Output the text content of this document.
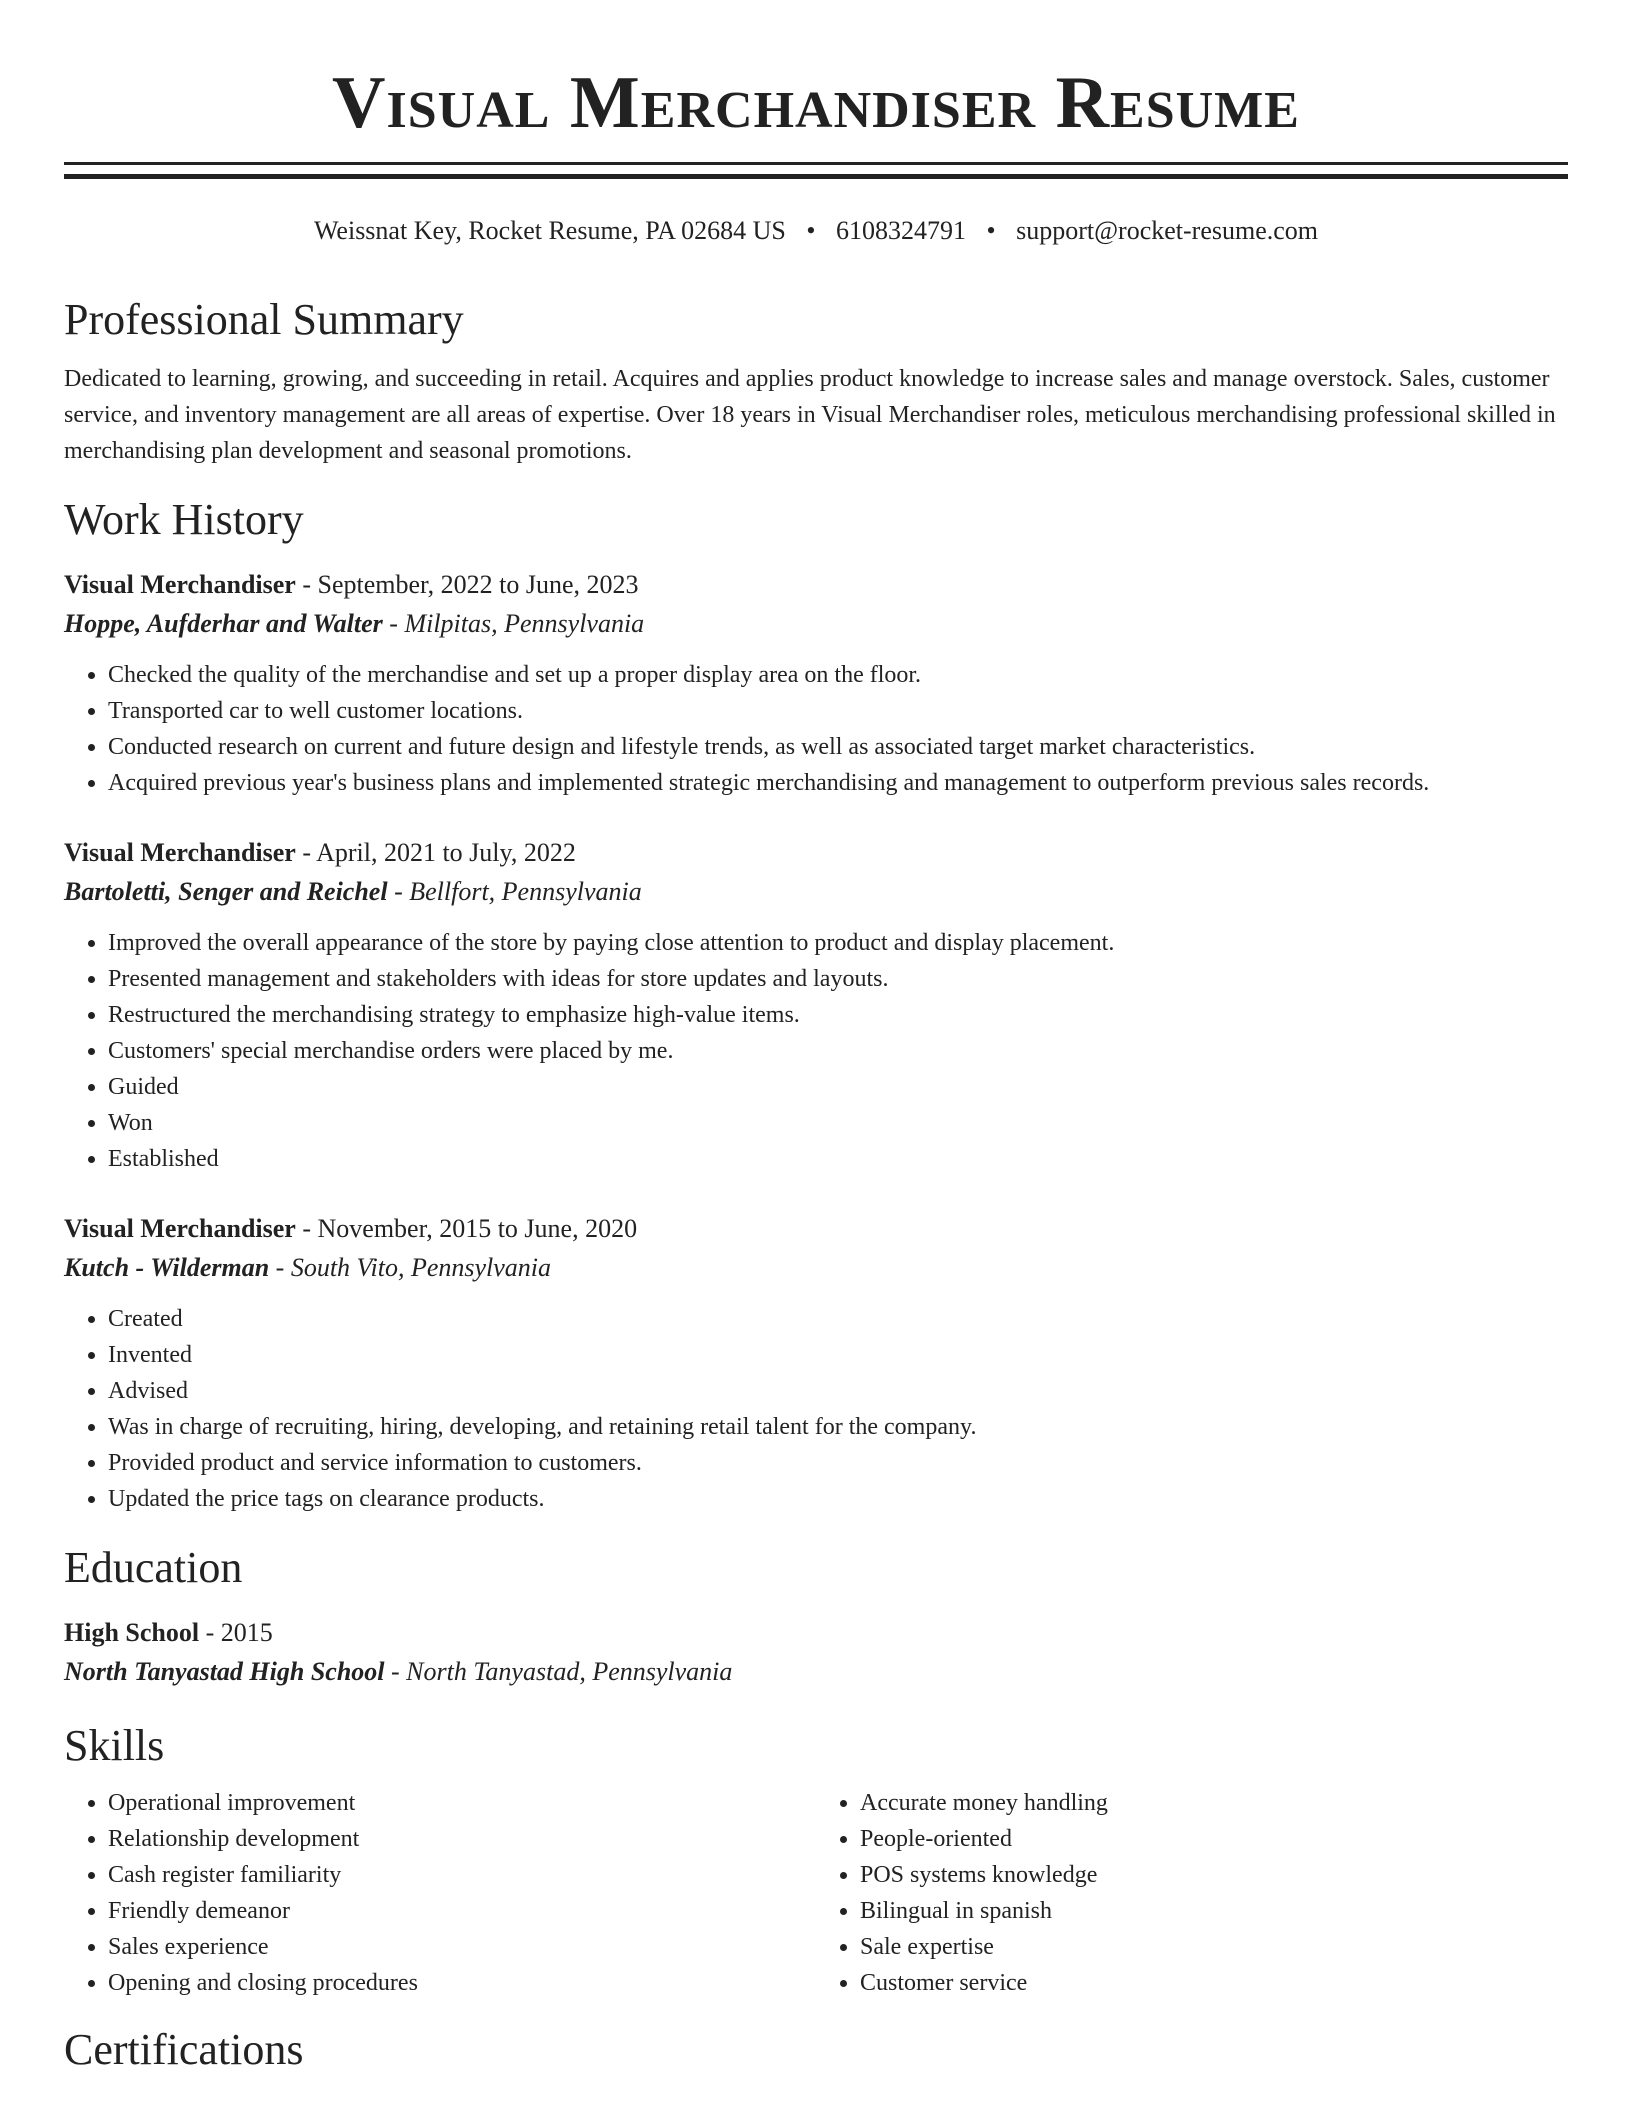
Visual Merchandiser Resume
Weissnat Key, Rocket Resume, PA 02684 US • 6108324791 • support@rocket-resume.com
Professional Summary

Dedicated to learning, growing, and succeeding in retail. Acquires and applies product knowledge to increase sales and manage overstock. Sales, customer service, and inventory management are all areas of expertise. Over 18 years in Visual Merchandiser roles, meticulous merchandising professional skilled in merchandising plan development and seasonal promotions.

Work History
Visual Merchandiser - September, 2022 to June, 2023
Hoppe, Aufderhar and Walter - Milpitas, Pennsylvania
• Checked the quality of the merchandise and set up a proper display area on the floor.
• Transported car to well customer locations.
• Conducted research on current and future design and lifestyle trends, as well as associated target market characteristics.
• Acquired previous year's business plans and implemented strategic merchandising and management to outperform previous sales records.
Visual Merchandiser - April, 2021 to July, 2022
Bartoletti, Senger and Reichel - Bellfort, Pennsylvania
• Improved the overall appearance of the store by paying close attention to product and display placement.
• Presented management and stakeholders with ideas for store updates and layouts.
• Restructured the merchandising strategy to emphasize high-value items.
• Customers' special merchandise orders were placed by me.
• Guided
• Won
• Established
Visual Merchandiser - November, 2015 to June, 2020
Kutch - Wilderman - South Vito, Pennsylvania
• Created
• Invented
• Advised
• Was in charge of recruiting, hiring, developing, and retaining retail talent for the company.
• Provided product and service information to customers.
• Updated the price tags on clearance products.
Education
High School - 2015
North Tanyastad High School - North Tanyastad, Pennsylvania
Skills
• Operational improvement
• Relationship development
• Cash register familiarity
• Friendly demeanor
• Sales experience
• Opening and closing procedures
• Accurate money handling
• People-oriented
• POS systems knowledge
• Bilingual in spanish
• Sale expertise
• Customer service
Certifications
